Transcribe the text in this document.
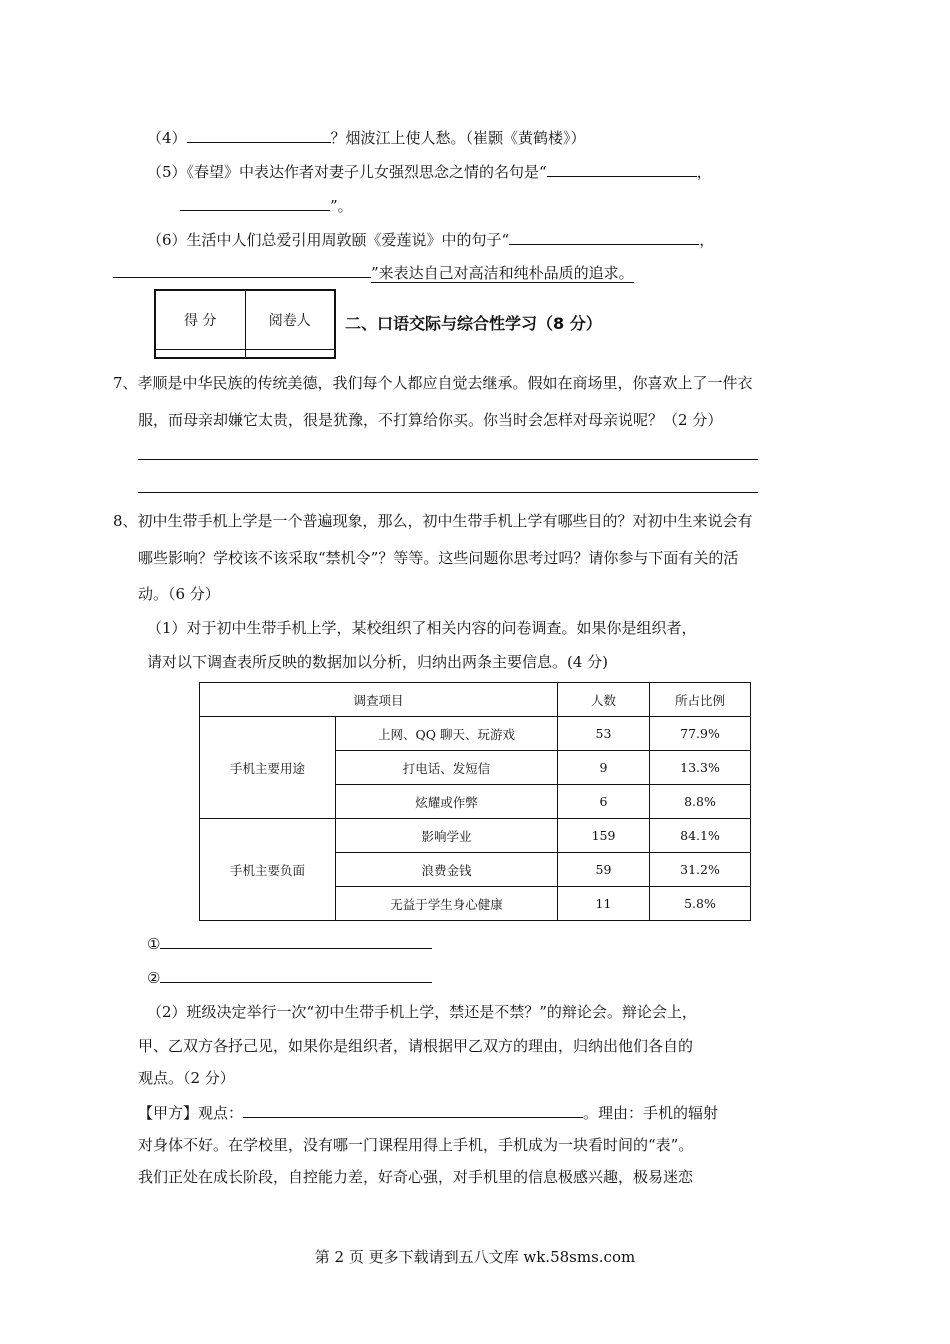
（4）	？烟波江上使人愁。（崔颢《黄鹤楼》）
（5）《春望》中表达作者对妻子儿女强烈思念之情的名句是“	，
”。
（6）生活中人们总爱引用周敦颐《爱莲说》中的句子“	，
”来表达自己对高洁和纯朴品质的追求。
得 分	阅卷人
	二、口语交际与综合性学习（8 分）
7、孝顺是中华民族的传统美德，我们每个人都应自觉去继承。假如在商场里，你喜欢上了一件衣
服，而母亲却嫌它太贵，很是犹豫，不打算给你买。你当时会怎样对母亲说呢？（2 分）
8、初中生带手机上学是一个普遍现象，那么，初中生带手机上学有哪些目的？对初中生来说会有
哪些影响？学校该不该采取“禁机令”？等等。这些问题你思考过吗？请你参与下面有关的活
动。（6 分）
（1）对于初中生带手机上学，某校组织了相关内容的问卷调查。如果你是组织者，
请对以下调查表所反映的数据加以分析，归纳出两条主要信息。(4 分)
调查项目		人数	所占比例
手机主要用途	上网、QQ 聊天、玩游戏	53	77.9%
	打电话、发短信	9	13.3%
	炫耀或作弊	6	8.8%
手机主要负面	影响学业	159	84.1%
	浪费金钱	59	31.2%
	无益于学生身心健康	11	5.8%
①
②
（2）班级决定举行一次“初中生带手机上学，禁还是不禁？”的辩论会。辩论会上，
甲、乙双方各抒己见，如果你是组织者，请根据甲乙双方的理由，归纳出他们各自的
观点。（2 分）
【甲方】观点：	。理由：手机的辐射
对身体不好。在学校里，没有哪一门课程用得上手机，手机成为一块看时间的“表”。
我们正处在成长阶段，自控能力差，好奇心强，对手机里的信息极感兴趣，极易迷恋
第 2 页 更多下载请到五八文库 wk.58sms.com
